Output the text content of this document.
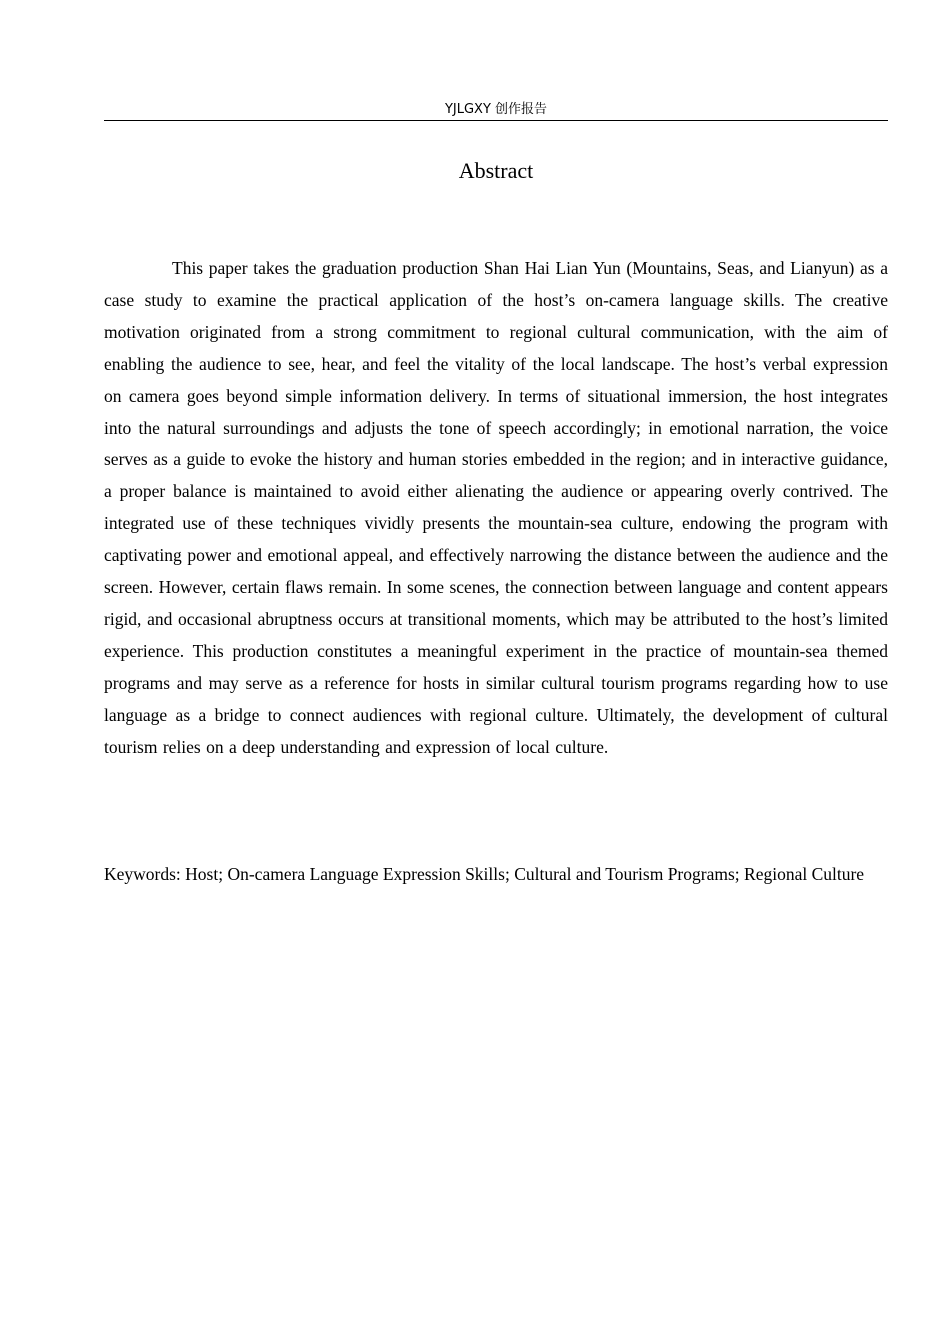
YJLGXY 创作报告
Abstract

This paper takes the graduation production Shan Hai Lian Yun (Mountains, Seas, and Lianyun) as a case study to examine the practical application of the host’s on-camera language skills. The creative motivation originated from a strong commitment to regional cultural communication, with the aim of enabling the audience to see, hear, and feel the vitality of the local landscape. The host’s verbal expression on camera goes beyond simple information delivery. In terms of situational immersion, the host integrates into the natural surroundings and adjusts the tone of speech accordingly; in emotional narration, the voice serves as a guide to evoke the history and human stories embedded in the region; and in interactive guidance, a proper balance is maintained to avoid either alienating the audience or appearing overly contrived. The integrated use of these techniques vividly presents the mountain-sea culture, endowing the program with captivating power and emotional appeal, and effectively narrowing the distance between the audience and the screen. However, certain flaws remain. In some scenes, the connection between language and content appears rigid, and occasional abruptness occurs at transitional moments, which may be attributed to the host’s limited experience. This production constitutes a meaningful experiment in the practice of mountain-sea themed programs and may serve as a reference for hosts in similar cultural tourism programs regarding how to use language as a bridge to connect audiences with regional culture. Ultimately, the development of cultural tourism relies on a deep understanding and expression of local culture.

Keywords: Host; On-camera Language Expression Skills; Cultural and Tourism Programs; Regional Culture
